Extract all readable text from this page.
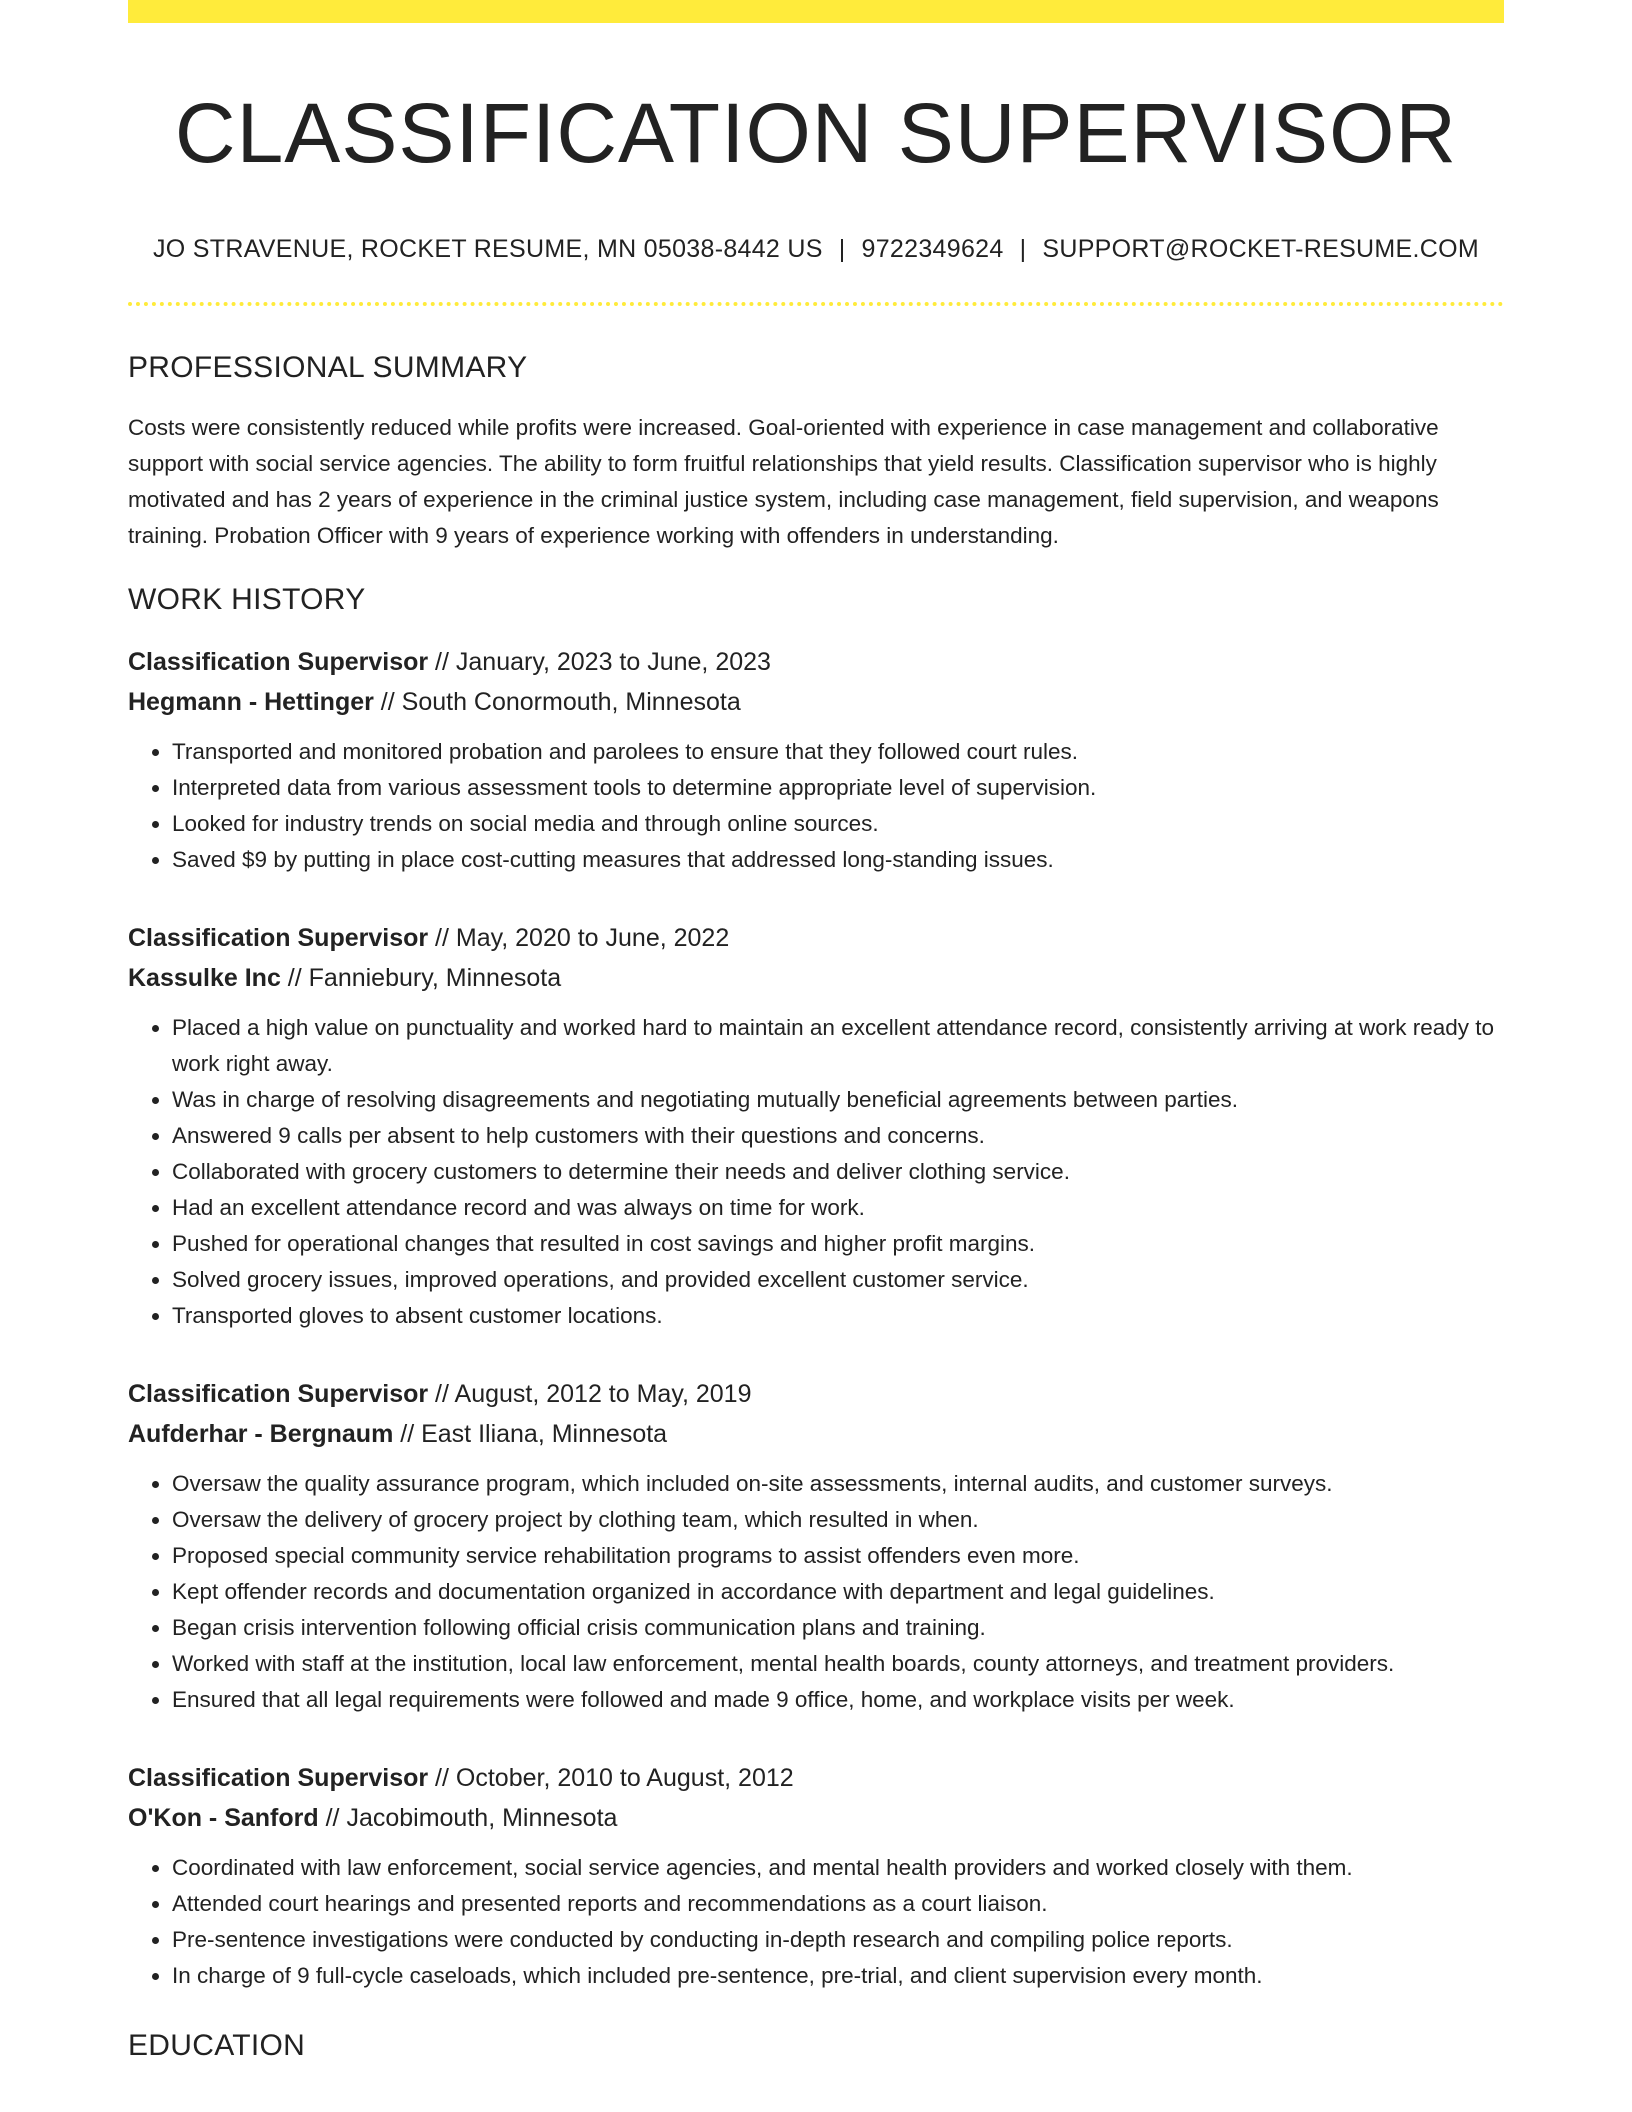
CLASSIFICATION SUPERVISOR
JO STRAVENUE, ROCKET RESUME, MN 05038-8442 US | 9722349624 | SUPPORT@ROCKET-RESUME.COM
PROFESSIONAL SUMMARY

Costs were consistently reduced while profits were increased. Goal-oriented with experience in case management and collaborative support with social service agencies. The ability to form fruitful relationships that yield results. Classification supervisor who is highly motivated and has 2 years of experience in the criminal justice system, including case management, field supervision, and weapons training. Probation Officer with 9 years of experience working with offenders in understanding.

WORK HISTORY
Classification Supervisor // January, 2023 to June, 2023
Hegmann - Hettinger // South Conormouth, Minnesota
• Transported and monitored probation and parolees to ensure that they followed court rules.
• Interpreted data from various assessment tools to determine appropriate level of supervision.
• Looked for industry trends on social media and through online sources.
• Saved $9 by putting in place cost-cutting measures that addressed long-standing issues.
Classification Supervisor // May, 2020 to June, 2022
Kassulke Inc // Fanniebury, Minnesota
• Placed a high value on punctuality and worked hard to maintain an excellent attendance record, consistently arriving at work ready to work right away.
• Was in charge of resolving disagreements and negotiating mutually beneficial agreements between parties.
• Answered 9 calls per absent to help customers with their questions and concerns.
• Collaborated with grocery customers to determine their needs and deliver clothing service.
• Had an excellent attendance record and was always on time for work.
• Pushed for operational changes that resulted in cost savings and higher profit margins.
• Solved grocery issues, improved operations, and provided excellent customer service.
• Transported gloves to absent customer locations.
Classification Supervisor // August, 2012 to May, 2019
Aufderhar - Bergnaum // East Iliana, Minnesota
• Oversaw the quality assurance program, which included on-site assessments, internal audits, and customer surveys.
• Oversaw the delivery of grocery project by clothing team, which resulted in when.
• Proposed special community service rehabilitation programs to assist offenders even more.
• Kept offender records and documentation organized in accordance with department and legal guidelines.
• Began crisis intervention following official crisis communication plans and training.
• Worked with staff at the institution, local law enforcement, mental health boards, county attorneys, and treatment providers.
• Ensured that all legal requirements were followed and made 9 office, home, and workplace visits per week.
Classification Supervisor // October, 2010 to August, 2012
O'Kon - Sanford // Jacobimouth, Minnesota
• Coordinated with law enforcement, social service agencies, and mental health providers and worked closely with them.
• Attended court hearings and presented reports and recommendations as a court liaison.
• Pre-sentence investigations were conducted by conducting in-depth research and compiling police reports.
• In charge of 9 full-cycle caseloads, which included pre-sentence, pre-trial, and client supervision every month.
EDUCATION
